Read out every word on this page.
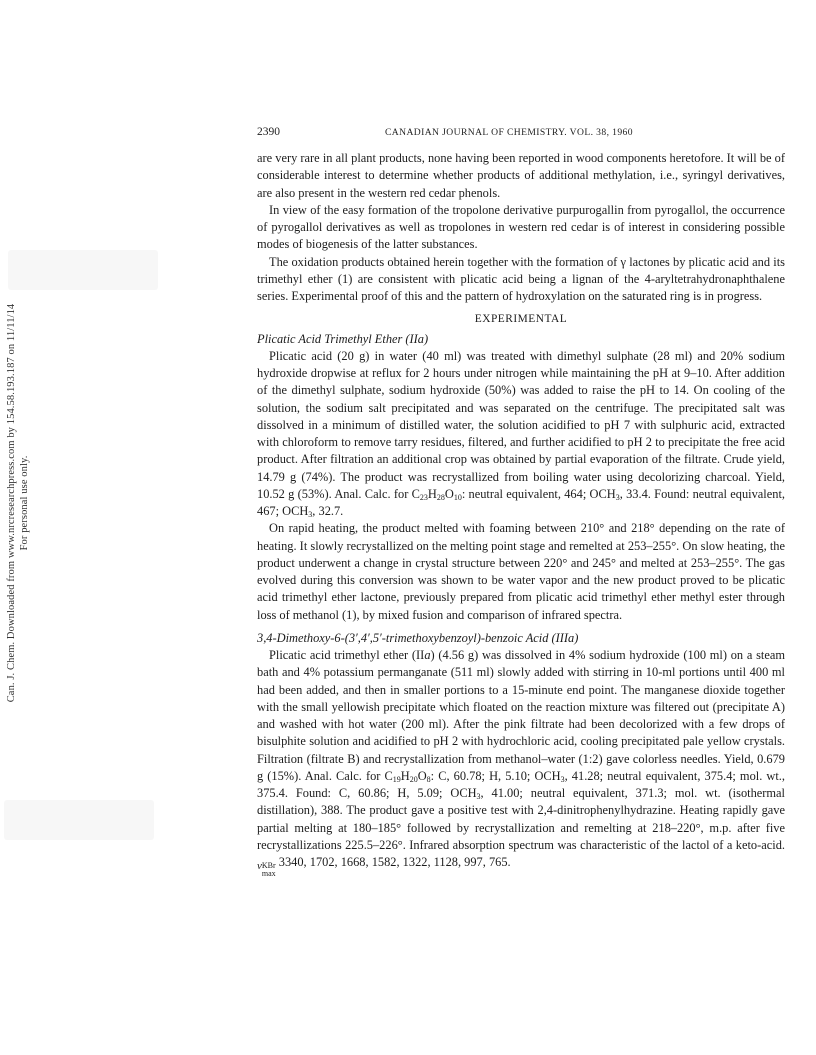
Can. J. Chem. Downloaded from www.nrcresearchpress.com by 154.58.193.187 on 11/11/14 For personal use only.
2390	CANADIAN JOURNAL OF CHEMISTRY. VOL. 38, 1960

are very rare in all plant products, none having been reported in wood components heretofore. It will be of considerable interest to determine whether products of additional methylation, i.e., syringyl derivatives, are also present in the western red cedar phenols.

In view of the easy formation of the tropolone derivative purpurogallin from pyrogallol, the occurrence of pyrogallol derivatives as well as tropolones in western red cedar is of interest in considering possible modes of biogenesis of the latter substances.

The oxidation products obtained herein together with the formation of γ lactones by plicatic acid and its trimethyl ether (1) are consistent with plicatic acid being a lignan of the 4-aryltetrahydronaphthalene series. Experimental proof of this and the pattern of hydroxylation on the saturated ring is in progress.

EXPERIMENTAL

Plicatic Acid Trimethyl Ether (IIa)

Plicatic acid (20 g) in water (40 ml) was treated with dimethyl sulphate (28 ml) and 20% sodium hydroxide dropwise at reflux for 2 hours under nitrogen while maintaining the pH at 9–10. After addition of the dimethyl sulphate, sodium hydroxide (50%) was added to raise the pH to 14. On cooling of the solution, the sodium salt precipitated and was separated on the centrifuge. The precipitated salt was dissolved in a minimum of distilled water, the solution acidified to pH 7 with sulphuric acid, extracted with chloroform to remove tarry residues, filtered, and further acidified to pH 2 to precipitate the free acid product. After filtration an additional crop was obtained by partial evaporation of the filtrate. Crude yield, 14.79 g (74%). The product was recrystallized from boiling water using decolorizing charcoal. Yield, 10.52 g (53%). Anal. Calc. for $C_{23}H_{28}O_{10}$: neutral equivalent, 464; $OCH_3$, 33.4. Found: neutral equivalent, 467; $OCH_3$, 32.7.

On rapid heating, the product melted with foaming between 210° and 218° depending on the rate of heating. It slowly recrystallized on the melting point stage and remelted at 253–255°. On slow heating, the product underwent a change in crystal structure between 220° and 245° and melted at 253–255°. The gas evolved during this conversion was shown to be water vapor and the new product proved to be plicatic acid trimethyl ether lactone, previously prepared from plicatic acid trimethyl ether methyl ester through loss of methanol (1), by mixed fusion and comparison of infrared spectra.

3,4-Dimethoxy-6-(3′,4′,5′-trimethoxybenzoyl)-benzoic Acid (IIIa)

Plicatic acid trimethyl ether (IIa) (4.56 g) was dissolved in 4% sodium hydroxide (100 ml) on a steam bath and 4% potassium permanganate (511 ml) slowly added with stirring in 10-ml portions until 400 ml had been added, and then in smaller portions to a 15-minute end point. The manganese dioxide together with the small yellowish precipitate which floated on the reaction mixture was filtered out (precipitate A) and washed with hot water (200 ml). After the pink filtrate had been decolorized with a few drops of bisulphite solution and acidified to pH 2 with hydrochloric acid, cooling precipitated pale yellow crystals. Filtration (filtrate B) and recrystallization from methanol–water (1:2) gave colorless needles. Yield, 0.679 g (15%). Anal. Calc. for $C_{19}H_{20}O_8$: C, 60.78; H, 5.10; $OCH_3$, 41.28; neutral equivalent, 375.4; mol. wt., 375.4. Found: C, 60.86; H, 5.09; $OCH_3$, 41.00; neutral equivalent, 371.3; mol. wt. (isothermal distillation), 388. The product gave a positive test with 2,4-dinitrophenylhydrazine. Heating rapidly gave partial melting at 180–185° followed by recrystallization and remelting at 218–220°, m.p. after five recrystallizations 225.5–226°. Infrared absorption spectrum was characteristic of the lactol of a keto-acid. ν KBr
max
3340, 1702, 1668, 1582, 1322, 1128, 997, 765.
